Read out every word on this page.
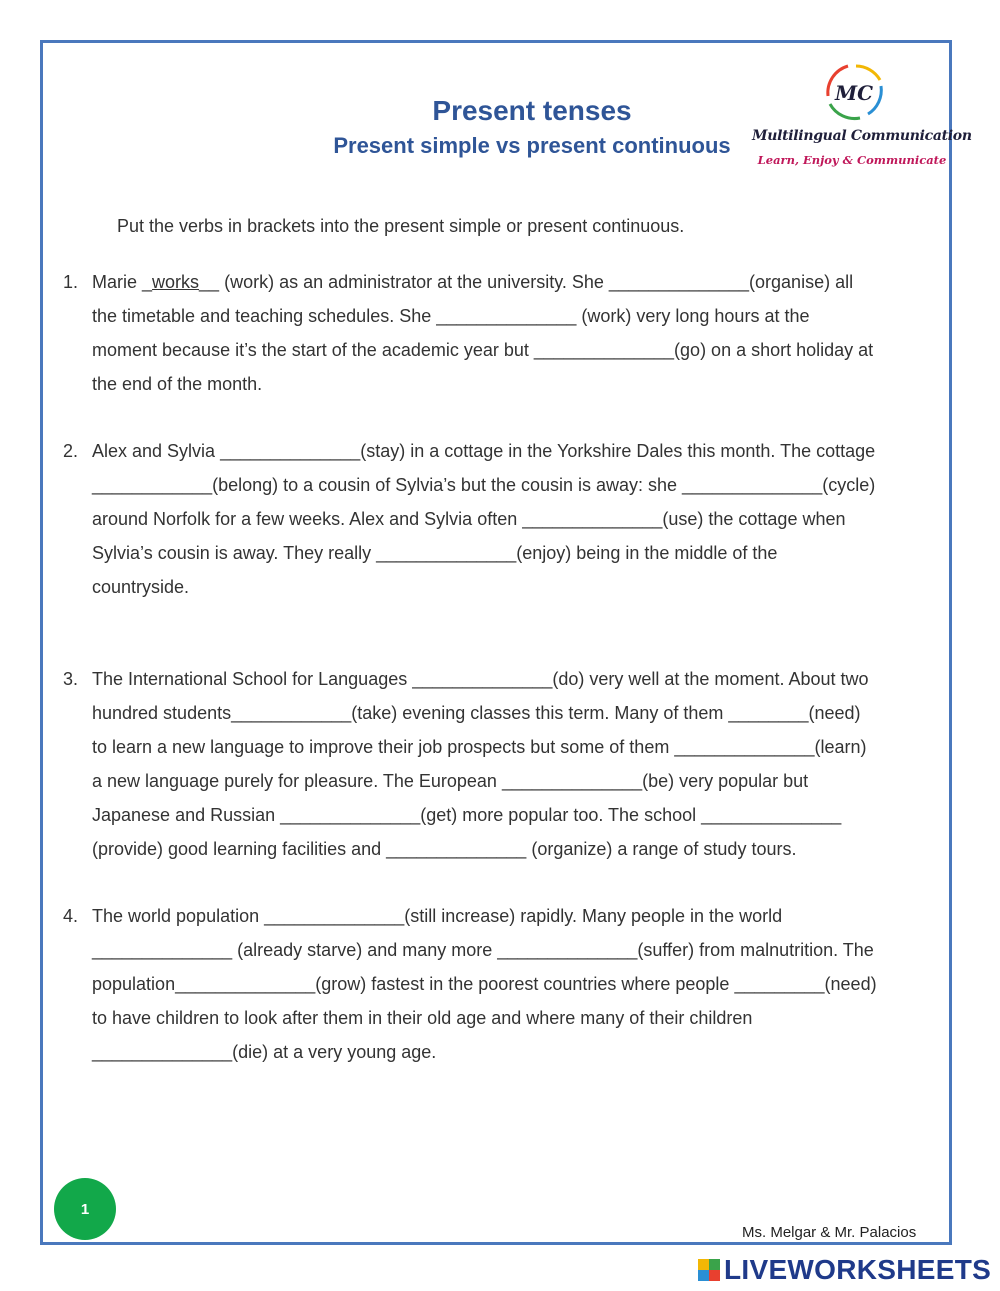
Present tenses
Present simple vs present continuous
MC
Multilingual Communication
Learn, Enjoy & Communicate
Put the verbs in brackets into the present simple or present continuous.
1. Marie _works__ (work) as an administrator at the university. She ______________(organise) all
the timetable and teaching schedules. She ______________ (work) very long hours at the
moment because it’s the start of the academic year but ______________(go) on a short holiday at
the end of the month.
2. Alex and Sylvia ______________(stay) in a cottage in the Yorkshire Dales this month. The cottage
____________(belong) to a cousin of Sylvia’s but the cousin is away: she ______________(cycle)
around Norfolk for a few weeks. Alex and Sylvia often ______________(use) the cottage when
Sylvia’s cousin is away. They really ______________(enjoy) being in the middle of the
countryside.
3. The International School for Languages ______________(do) very well at the moment. About two
hundred students____________(take) evening classes this term. Many of them ________(need)
to learn a new language to improve their job prospects but some of them ______________(learn)
a new language purely for pleasure. The European ______________(be) very popular but
Japanese and Russian ______________(get) more popular too. The school ______________
(provide) good learning facilities and ______________ (organize) a range of study tours.
4. The world population ______________(still increase) rapidly. Many people in the world
______________ (already starve) and many more ______________(suffer) from malnutrition. The
population______________(grow) fastest in the poorest countries where people _________(need)
to have children to look after them in their old age and where many of their children
______________(die) at a very young age.
1
Ms. Melgar & Mr. Palacios
LIVEWORKSHEETS
